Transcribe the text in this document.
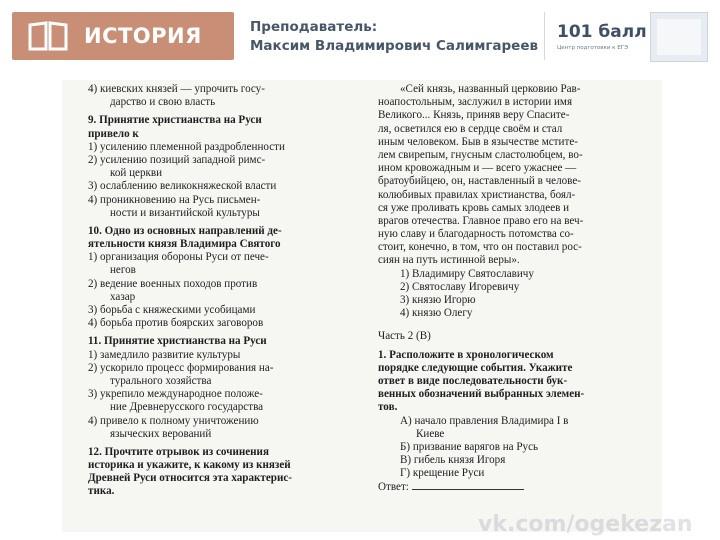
ИСТОРИЯ	Преподаватель:
Максим Владимирович Салимгареев
101 балл
Центр подготовки к ЕГЭ
4) киевских князей — упрочить госу-
дарство и свою власть
9. Принятие христианства на Руси
привело к
1) усилению племенной раздробленности
2) усилению позиций западной римс-
кой церкви
3) ослаблению великокняжеской власти
4) проникновению на Русь письмен-
ности и византийской культуры
10. Одно из основных направлений де-
ятельности князя Владимира Святого
1) организация обороны Руси от пече-
негов
2) ведение военных походов против
хазар
3) борьба с княжескими усобицами
4) борьба против боярских заговоров
11. Принятие христианства на Руси
1) замедлило развитие культуры
2) ускорило процесс формирования на-
турального хозяйства
3) укрепило международное положе-
ние Древнерусского государства
4) привело к полному уничтожению
языческих верований
12. Прочтите отрывок из сочинения
историка и укажите, к какому из князей
Древней Руси относится эта характерис-
тика.
«Сей князь, названный церковию Рав-
ноапостольным, заслужил в истории имя
Великого... Князь, приняв веру Спасите-
ля, осветился ею в сердце своём и стал
иным человеком. Быв в язычестве мстите-
лем свирепым, гнусным сластолюбцем, во-
ином кровожадным и — всего ужаснее —
братоубийцею, он, наставленный в челове-
колюбивых правилах христианства, боял-
ся уже проливать кровь самых злодеев и
врагов отечества. Главное право его на веч-
ную славу и благодарность потомства со-
стоит, конечно, в том, что он поставил рос-
сиян на путь истинной веры».
1) Владимиру Святославичу
2) Святославу Игоревичу
3) князю Игорю
4) князю Олегу
Часть 2 (В)
1. Расположите в хронологическом
порядке следующие события. Укажите
ответ в виде последовательности бук-
венных обозначений выбранных элемен-
тов.
А) начало правления Владимира I в
Киеве
Б) призвание варягов на Русь
В) гибель князя Игоря
Г) крещение Руси
Ответ:
vk.com/ogekezan
